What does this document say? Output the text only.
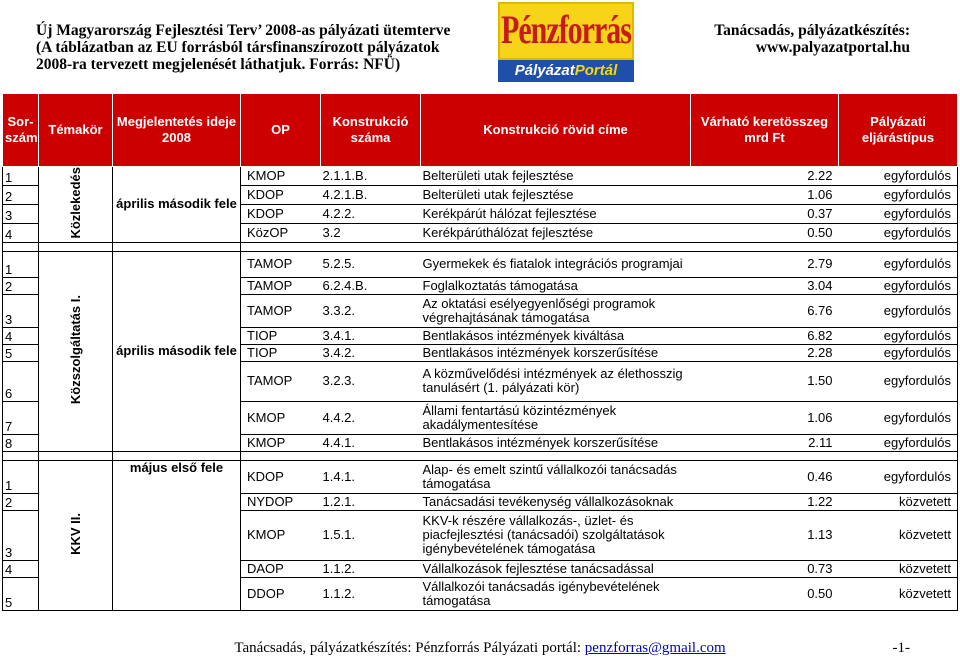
Új Magyarország Fejlesztési Terv’ 2008-as pályázati ütemterve
(A táblázatban az EU forrásból társfinanszírozott pályázatok
2008-ra tervezett megjelenését láthatjuk. Forrás: NFÜ)
Pénzforrás
PályázatPortál
Tanácsadás, pályázatkészítés:
www.palyazatportal.hu
Sor-szám	Témakör	Megjelentetés ideje 2008	OP	Konstrukció száma	Konstrukció rövid címe	Várható keretösszeg mrd Ft	Pályázati eljárástípus
1	Közlekedés	április második fele	KMOP	2.1.1.B.	Belterületi utak fejlesztése	2.22	egyfordulós
2			KDOP	4.2.1.B.	Belterületi utak fejlesztése	1.06	egyfordulós
3			KDOP	4.2.2.	Kerékpárút hálózat fejlesztése	0.37	egyfordulós
4			KözOP	3.2	Kerékpárúthálózat fejlesztése	0.50	egyfordulós

1	Közszolgáltatás I.	április második fele	TAMOP	5.2.5.	Gyermekek és fiatalok integrációs programjai	2.79	egyfordulós
2			TAMOP	6.2.4.B.	Foglalkoztatás támogatása	3.04	egyfordulós
3			TAMOP	3.3.2.	Az oktatási esélyegyenlőségi programok végrehajtásának támogatása	6.76	egyfordulós
4			TIOP	3.4.1.	Bentlakásos intézmények kiváltása	6.82	egyfordulós
5			TIOP	3.4.2.	Bentlakásos intézmények korszerűsítése	2.28	egyfordulós
6			TAMOP	3.2.3.	A közművelődési intézmények az élethosszig tanulásért (1. pályázati kör)	1.50	egyfordulós
7			KMOP	4.4.2.	Állami fentartású közintézmények akadálymentesítése	1.06	egyfordulós
8			KMOP	4.4.1.	Bentlakásos intézmények korszerűsítése	2.11	egyfordulós

1	KKV II.	május első fele	KDOP	1.4.1.	Alap- és emelt szintű vállalkozói tanácsadás támogatása	0.46	egyfordulós
2			NYDOP	1.2.1.	Tanácsadási tevékenység vállalkozásoknak	1.22	közvetett
3			KMOP	1.5.1.	KKV-k részére vállalkozás-, üzlet- és piacfejlesztési (tanácsadói) szolgáltatások igénybevételének támogatása	1.13	közvetett
4			DAOP	1.1.2.	Vállalkozások fejlesztése tanácsadással	0.73	közvetett
5			DDOP	1.1.2.	Vállalkozói tanácsadás igénybevételének támogatása	0.50	közvetett
Tanácsadás, pályázatkészítés: Pénzforrás Pályázati portál: penzforras@gmail.com	-1-
